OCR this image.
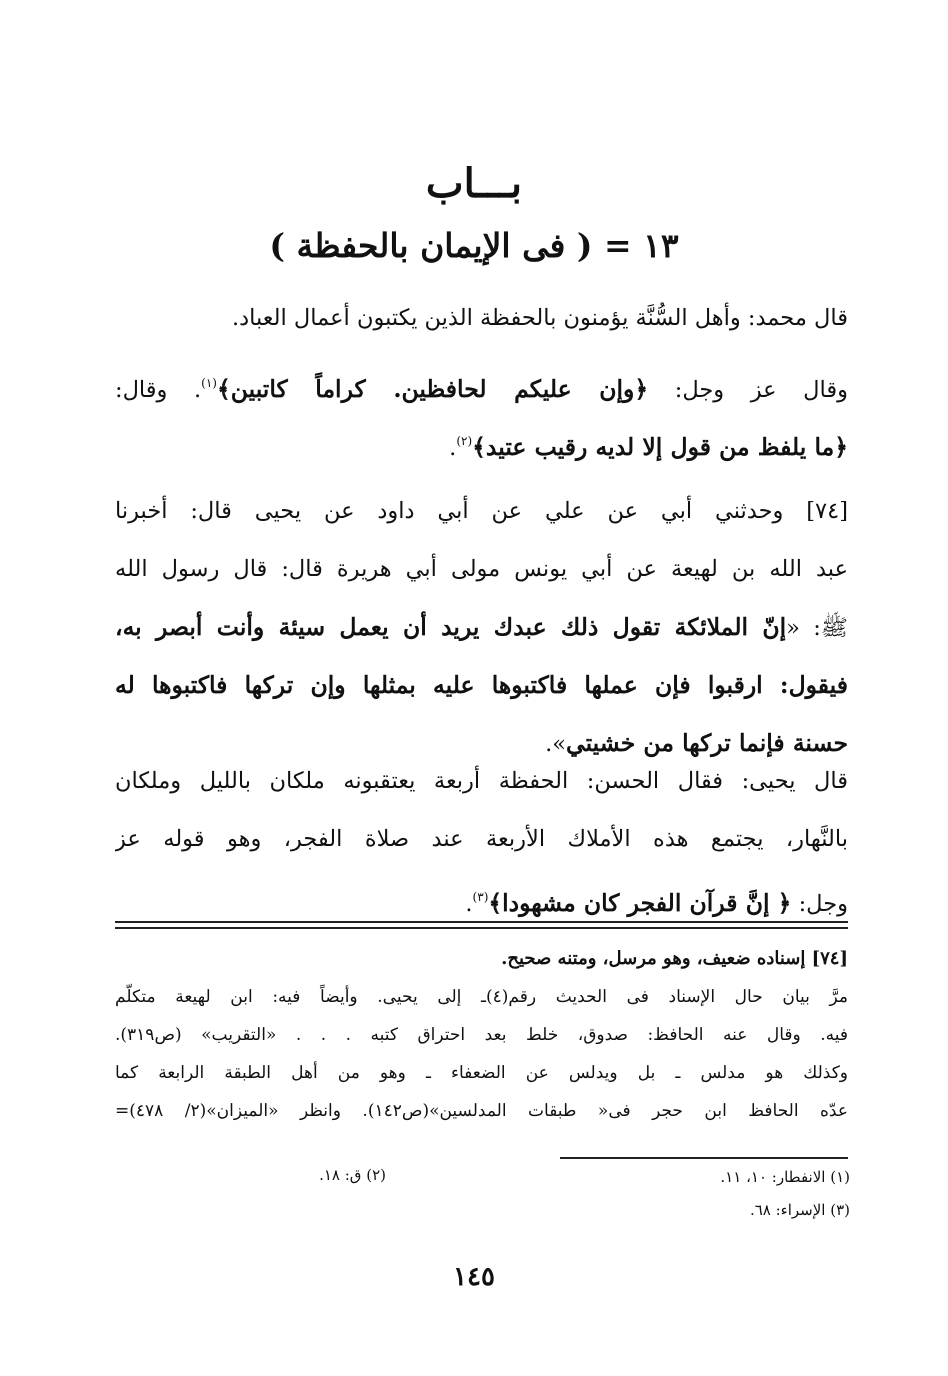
بـــاب
١٣ = ( فى الإيمان بالحفظة )
قال محمد: وأهل السُّنَّة يؤمنون بالحفظة الذين يكتبون أعمال العباد.
وقال عز وجل: ﴿وإن عليكم لحافظين. كراماً كاتبين﴾$^{(١)}$. وقال:
﴿ما يلفظ من قول إلا لديه رقيب عتيد﴾$^{(٢)}$.
[٧٤] وحدثني أبي عن علي عن أبي داود عن يحيى قال: أخبرنا
عبد الله بن لهيعة عن أبي يونس مولى أبي هريرة قال: قال رسول الله
ﷺ: «إنّ الملائكة تقول ذلك عبدك يريد أن يعمل سيئة وأنت أبصر به،
فيقول: ارقبوا فإن عملها فاكتبوها عليه بمثلها وإن تركها فاكتبوها له
حسنة فإنما تركها من خشيتي».
قال يحيى: فقال الحسن: الحفظة أربعة يعتقبونه ملكان بالليل وملكان
بالنَّهار، يجتمع هذه الأملاك الأربعة عند صلاة الفجر، وهو قوله عز
وجل: ﴿ إنَّ قرآن الفجر كان مشهودا﴾$^{(٣)}$.
[٧٤] إسناده ضعيف، وهو مرسل، ومتنه صحيح.
مرَّ بيان حال الإسناد فى الحديث رقم(٤)ـ إلى يحيى. وأيضاً فيه: ابن لهيعة متكلّم
فيه. وقال عنه الحافظ: صدوق، خلط بعد احتراق كتبه . . . «التقريب» (ص٣١٩).
وكذلك هو مدلس ـ بل ويدلس عن الضعفاء ـ وهو من أهل الطبقة الرابعة كما
عدّه الحافظ ابن حجر فى« طبقات المدلسين»(ص١٤٢). وانظر «الميزان»(٢/ ٤٧٨)=
(١) الانفطار: ١٠، ١١.
(٢) ق: ١٨.
(٣) الإسراء: ٦٨.
١٤٥
